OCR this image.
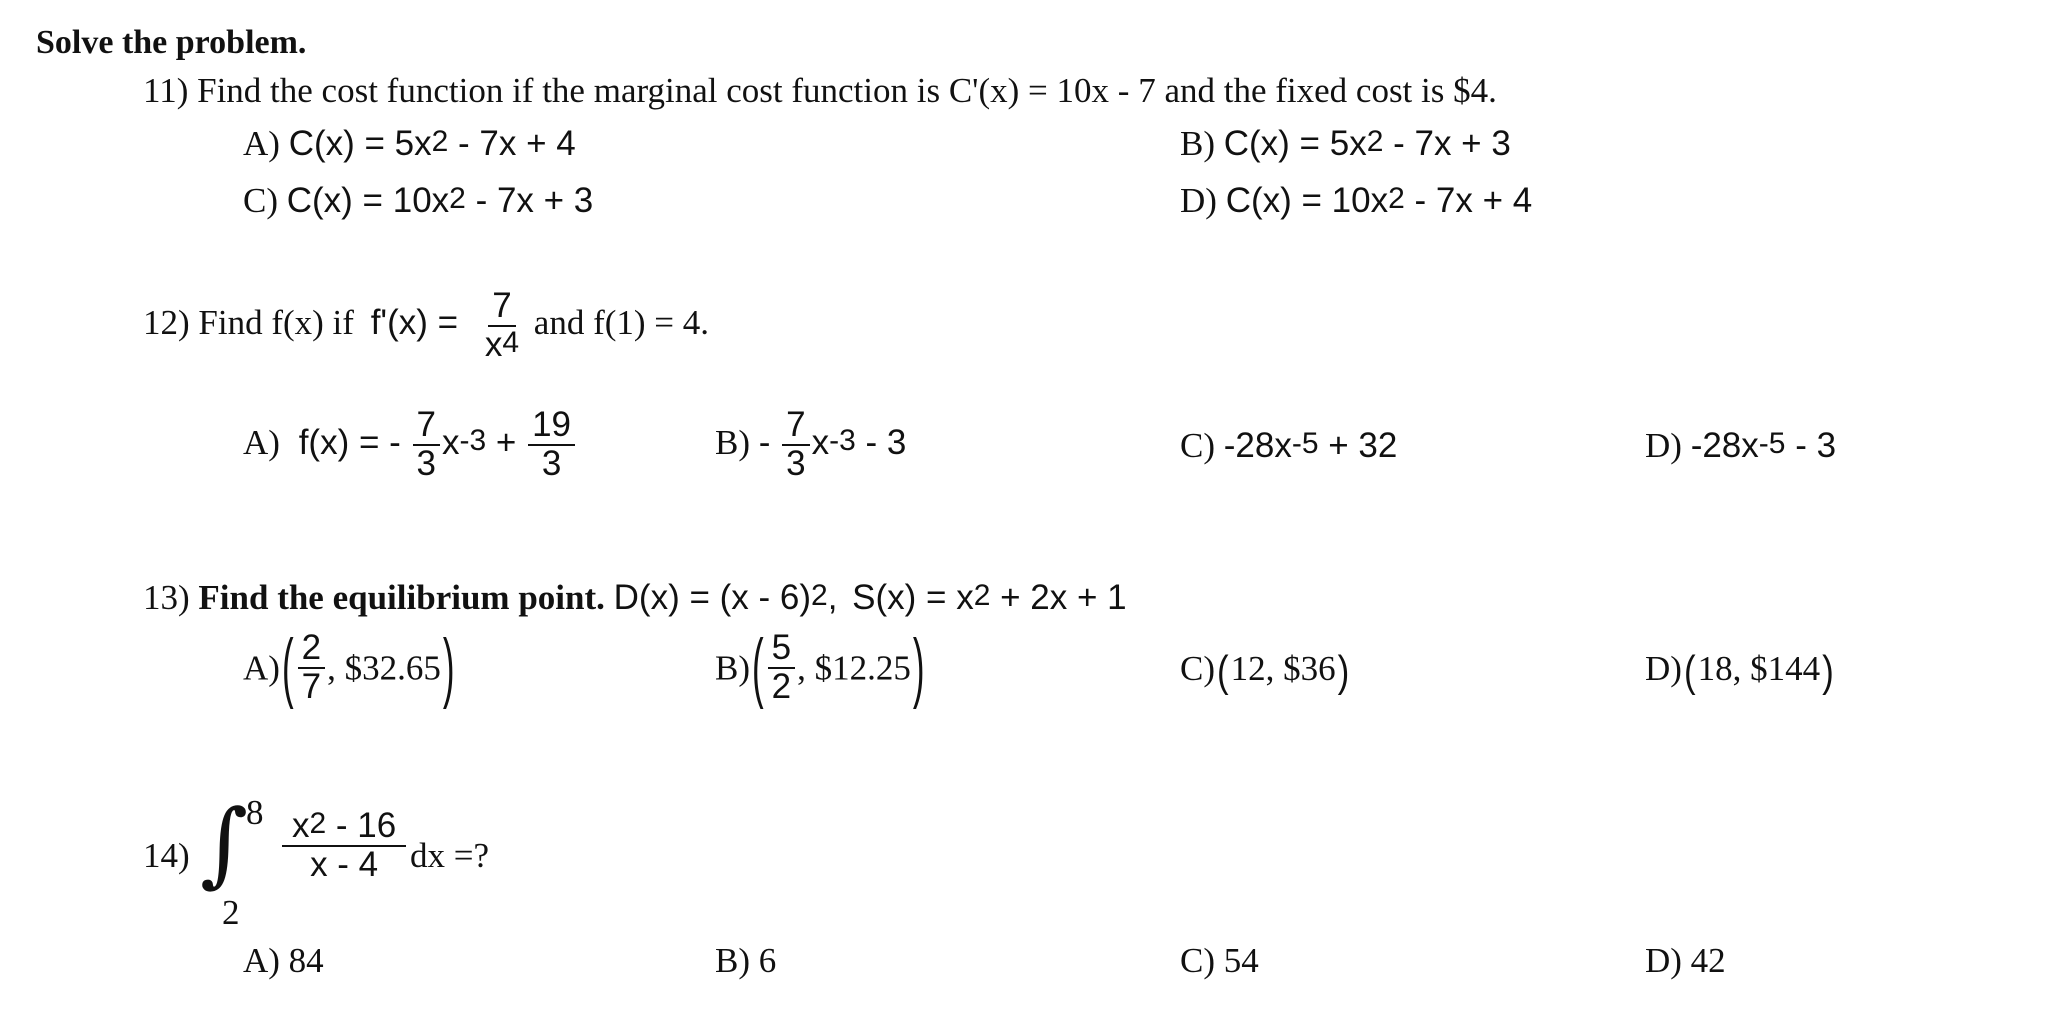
Solve the problem.
11) Find the cost function if the marginal cost function is C'(x) = 10x - 7 and the fixed cost is $4.
A) $C(x) = 5x^2 - 7x + 4$	B) $C(x) = 5x^2 - 7x + 3$
C) $C(x) = 10x^2 - 7x + 3$	D) $C(x) = 10x^2 - 7x + 4$
12) Find f(x) if $f'(x) = \frac{7}{x^4}$ and f(1) = 4.
A) f(x) = - $\frac{7}{3} x^{-3} + \frac{19}{3}$	$B) - \frac{7}{3} x^{-3} - 3$	C) $-28x^{-5} + 32$	D) $-28x^{-5} - 3$
13) Find the equilibrium point. D(x) = (x - 6)$^2$, $S(x) = x^2 + 2x + 1$
$A)( \frac{2}{7}$ , $32.65)	$B)( \frac{5}{2}$ , $12.25)	C)(12, $36)	D)(18, $144)
14) ∫
8
2
$\frac{x^2 - 16}{x - 4}$ dx =?
A) 84	B) 6	C) 54	D) 42
